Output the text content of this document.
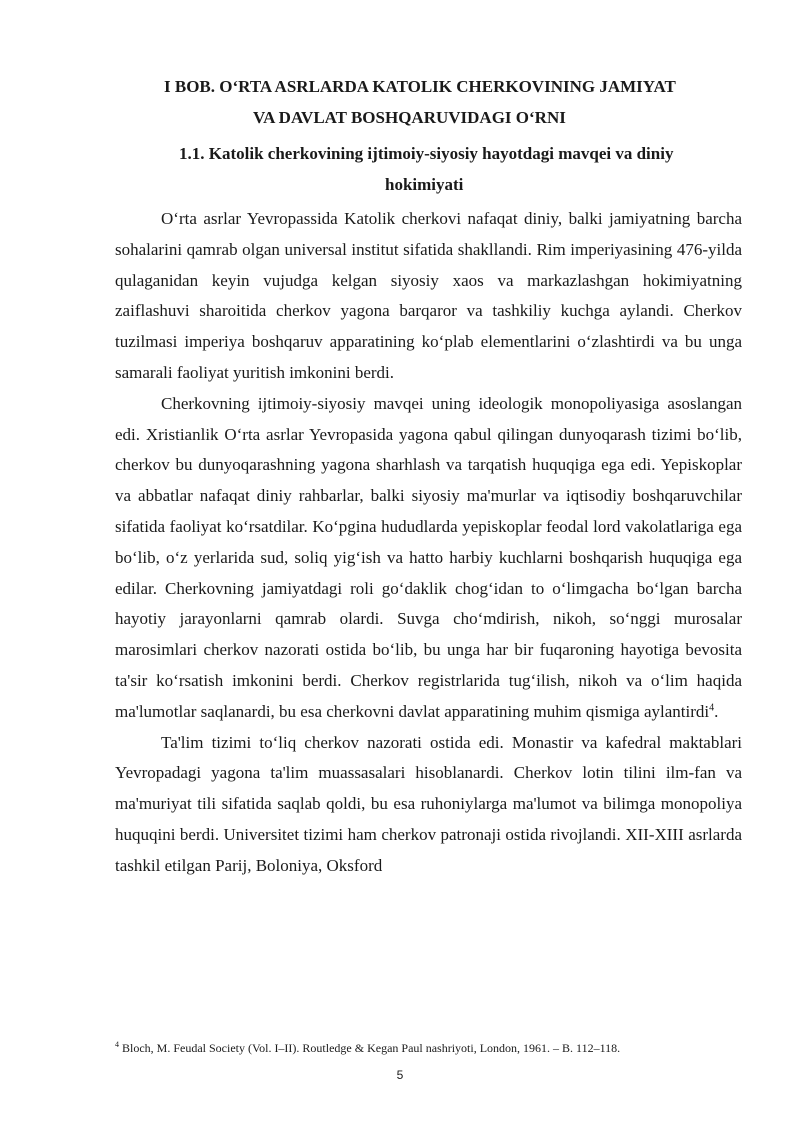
I BOB. O‘RTA ASRLARDA KATOLIK CHERKOVINING JAMIYAT
VA DAVLAT BOSHQARUVIDAGI O‘RNI
1.1. Katolik cherkovining ijtimoiy-siyosiy hayotdagi mavqei va diniy
hokimiyati

O‘rta asrlar Yevropassida Katolik cherkovi nafaqat diniy, balki jamiyatning barcha sohalarini qamrab olgan universal institut sifatida shakllandi. Rim imperiyasining 476-yilda qulaganidan keyin vujudga kelgan siyosiy xaos va markazlashgan hokimiyatning zaiflashuvi sharoitida cherkov yagona barqaror va tashkiliy kuchga aylandi. Cherkov tuzilmasi imperiya boshqaruv apparatining ko‘plab elementlarini o‘zlashtirdi va bu unga samarali faoliyat yuritish imkonini berdi.

Cherkovning ijtimoiy-siyosiy mavqei uning ideologik monopoliyasiga asoslangan edi. Xristianlik O‘rta asrlar Yevropasida yagona qabul qilingan dunyoqarash tizimi bo‘lib, cherkov bu dunyoqarashning yagona sharhlash va tarqatish huquqiga ega edi. Yepiskoplar va abbatlar nafaqat diniy rahbarlar, balki siyosiy ma'murlar va iqtisodiy boshqaruvchilar sifatida faoliyat ko‘rsatdilar. Ko‘pgina hududlarda yepiskoplar feodal lord vakolatlariga ega bo‘lib, o‘z yerlarida sud, soliq yig‘ish va hatto harbiy kuchlarni boshqarish huquqiga ega edilar. Cherkovning jamiyatdagi roli go‘daklik chog‘idan to o‘limgacha bo‘lgan barcha hayotiy jarayonlarni qamrab olardi. Suvga cho‘mdirish, nikoh, so‘nggi murosalar marosimlari cherkov nazorati ostida bo‘lib, bu unga har bir fuqaroning hayotiga bevosita ta'sir ko‘rsatish imkonini berdi. Cherkov registrlarida tug‘ilish, nikoh va o‘lim haqida ma'lumotlar saqlanardi, bu esa cherkovni davlat apparatining muhim qismiga aylantirdi$^4$.

Ta'lim tizimi to‘liq cherkov nazorati ostida edi. Monastir va kafedral maktablari Yevropadagi yagona ta'lim muassasalari hisoblanardi. Cherkov lotin tilini ilm-fan va ma'muriyat tili sifatida saqlab qoldi, bu esa ruhoniylarga ma'lumot va bilimga monopoliya huquqini berdi. Universitet tizimi ham cherkov patronaji ostida rivojlandi. XII-XIII asrlarda tashkil etilgan Parij, Boloniya, Oksford

$^4$ Bloch, M. Feudal Society (Vol. I–II). Routledge & Kegan Paul nashriyoti, London, 1961. – B. 112–118.
5
